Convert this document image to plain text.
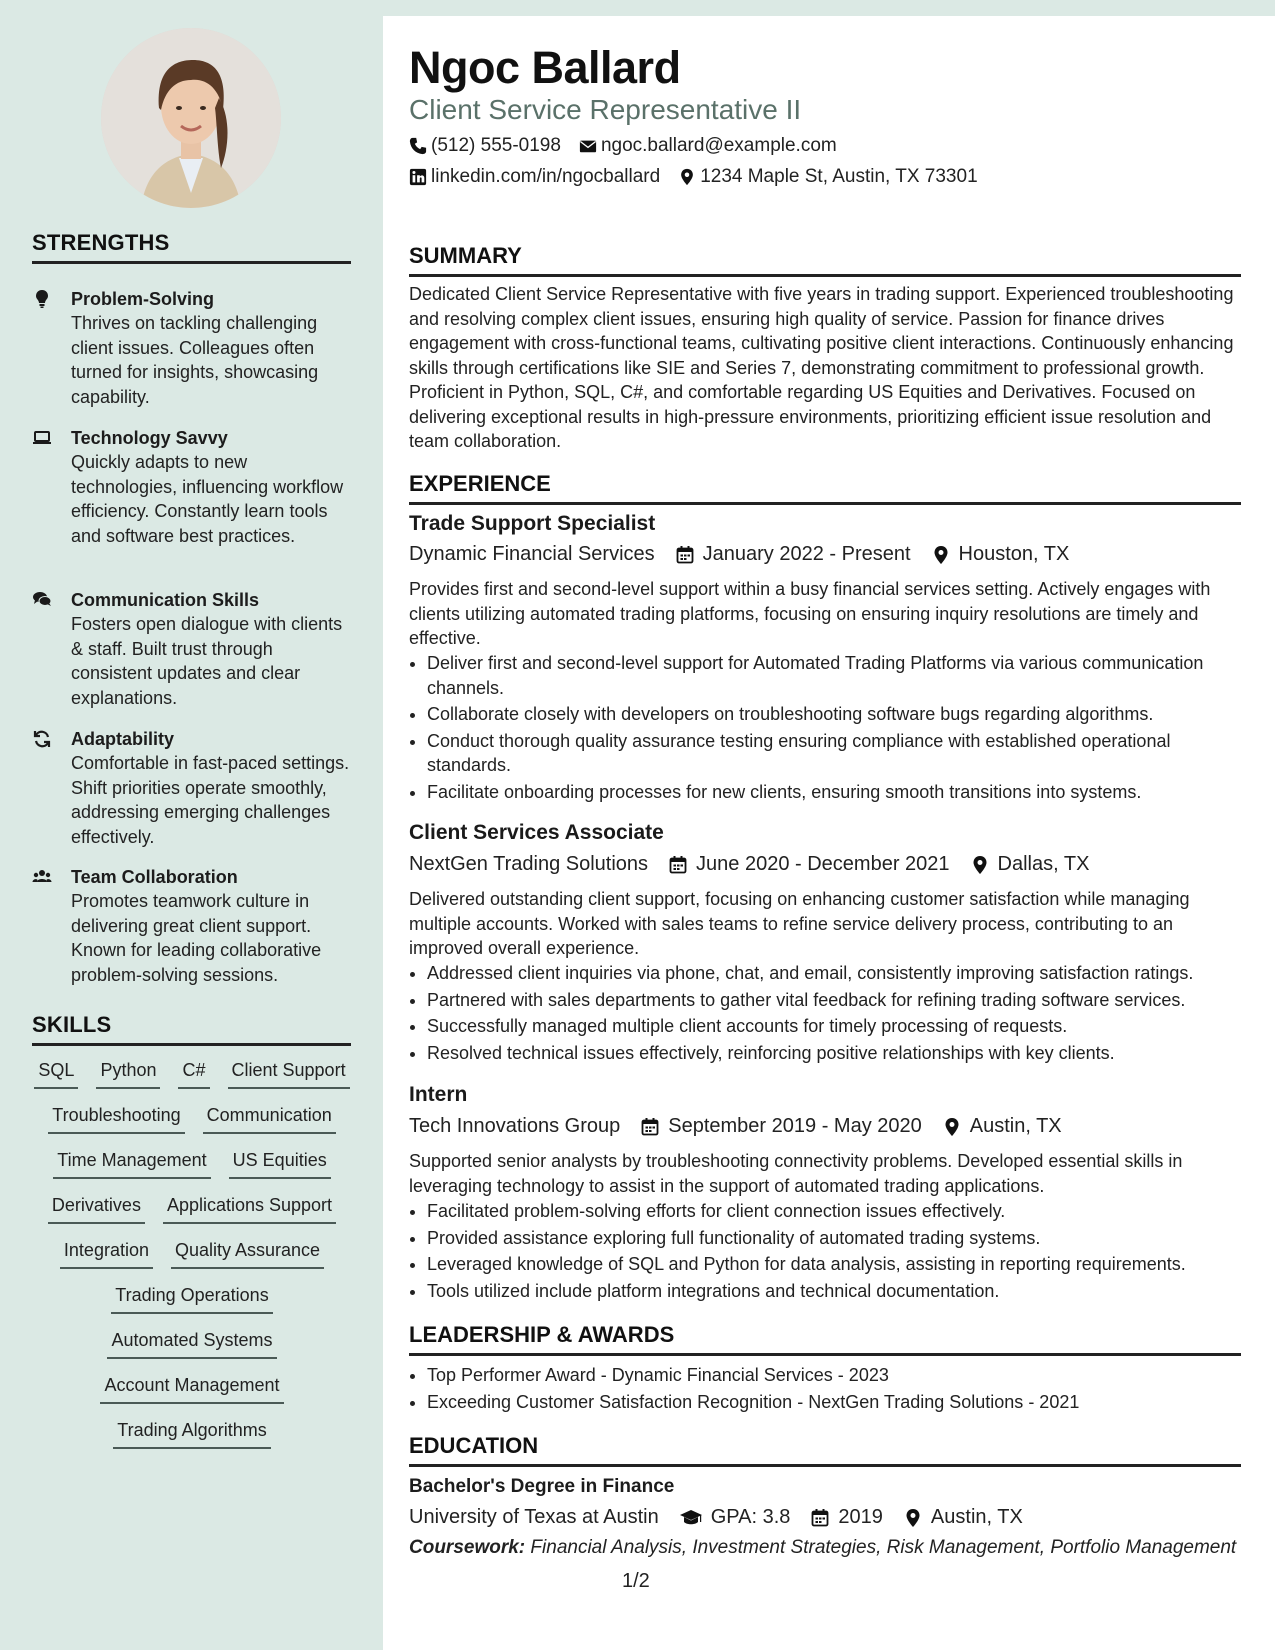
STRENGTHS
Problem-Solving
Thrives on tackling challenging client issues. Colleagues often turned for insights, showcasing capability.
Technology Savvy
Quickly adapts to new technologies, influencing workflow efficiency. Constantly learn tools and software best practices.
Communication Skills
Fosters open dialogue with clients & staff. Built trust through consistent updates and clear explanations.
Adaptability
Comfortable in fast-paced settings. Shift priorities operate smoothly, addressing emerging challenges effectively.
Team Collaboration
Promotes teamwork culture in delivering great client support. Known for leading collaborative problem-solving sessions.
SKILLS
SQL Python C# Client Support
Troubleshooting Communication
Time Management US Equities
Derivatives Applications Support
Integration Quality Assurance
Trading Operations
Automated Systems
Account Management
Trading Algorithms
Ngoc Ballard
Client Service Representative II
(512) 555-0198 ngoc.ballard@example.com
linkedin.com/in/ngocballard 1234 Maple St, Austin, TX 73301
SUMMARY
Dedicated Client Service Representative with five years in trading support. Experienced troubleshooting and resolving complex client issues, ensuring high quality of service. Passion for finance drives engagement with cross-functional teams, cultivating positive client interactions. Continuously enhancing skills through certifications like SIE and Series 7, demonstrating commitment to professional growth. Proficient in Python, SQL, C#, and comfortable regarding US Equities and Derivatives. Focused on delivering exceptional results in high-pressure environments, prioritizing efficient issue resolution and team collaboration.
EXPERIENCE
Trade Support Specialist
Dynamic Financial Services January 2022 - Present Houston, TX
Provides first and second-level support within a busy financial services setting. Actively engages with clients utilizing automated trading platforms, focusing on ensuring inquiry resolutions are timely and effective.
• Deliver first and second-level support for Automated Trading Platforms via various communication channels.
• Collaborate closely with developers on troubleshooting software bugs regarding algorithms.
• Conduct thorough quality assurance testing ensuring compliance with established operational standards.
• Facilitate onboarding processes for new clients, ensuring smooth transitions into systems.
Client Services Associate
NextGen Trading Solutions June 2020 - December 2021 Dallas, TX
Delivered outstanding client support, focusing on enhancing customer satisfaction while managing multiple accounts. Worked with sales teams to refine service delivery process, contributing to an improved overall experience.
• Addressed client inquiries via phone, chat, and email, consistently improving satisfaction ratings.
• Partnered with sales departments to gather vital feedback for refining trading software services.
• Successfully managed multiple client accounts for timely processing of requests.
• Resolved technical issues effectively, reinforcing positive relationships with key clients.
Intern
Tech Innovations Group September 2019 - May 2020 Austin, TX
Supported senior analysts by troubleshooting connectivity problems. Developed essential skills in leveraging technology to assist in the support of automated trading applications.
• Facilitated problem-solving efforts for client connection issues effectively.
• Provided assistance exploring full functionality of automated trading systems.
• Leveraged knowledge of SQL and Python for data analysis, assisting in reporting requirements.
• Tools utilized include platform integrations and technical documentation.
LEADERSHIP & AWARDS
• Top Performer Award - Dynamic Financial Services - 2023
• Exceeding Customer Satisfaction Recognition - NextGen Trading Solutions - 2021
EDUCATION
Bachelor's Degree in Finance
University of Texas at Austin	GPA: 3.8 2019 Austin, TX
Coursework: Financial Analysis, Investment Strategies, Risk Management, Portfolio Management
1/2
